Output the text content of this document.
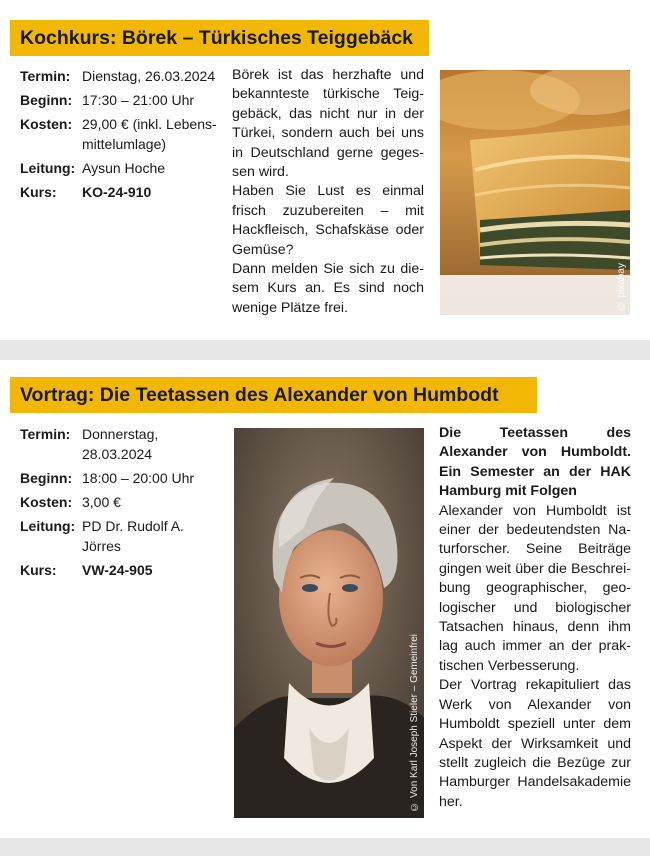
Kochkurs: Börek – Türkisches Teiggebäck
Termin: Dienstag, 26.03.2024
Beginn: 17:30 – 21:00 Uhr
Kosten: 29,00 € (inkl. Lebensmittelumlage)
Leitung: Aysun Hoche
Kurs:	KO-24-910

Börek ist das herzhafte und bekannteste türkische Teiggebäck, das nicht nur in der Türkei, sondern auch bei uns in Deutschland gerne gegessen wird.

Haben Sie Lust es einmal frisch zuzubereiten – mit Hackfleisch, Schafskäse oder Gemüse?

Dann melden Sie sich zu diesem Kurs an. Es sind noch wenige Plätze frei.	© pixabay
Vortrag: Die Teetassen des Alexander von Humbodt
Termin: Donnerstag, 28.03.2024
Beginn: 18:00 – 20:00 Uhr
Kosten: 3,00 €
Leitung: PD Dr. Rudolf A. Jörres
Kurs:	VW-24-905
© Von Karl Joseph Stieler – Gemeinfrei

Die Teetassen des Alexander von Humboldt. Ein Semester an der HAK Hamburg mit Folgen

Alexander von Humboldt ist einer der bedeutendsten Naturforscher. Seine Beiträge gingen weit über die Beschreibung geographischer, geologischer und biologischer Tatsachen hinaus, denn ihm lag auch immer an der praktischen Verbesserung.

Der Vortrag rekapituliert das Werk von Alexander von Humboldt speziell unter dem Aspekt der Wirksamkeit und stellt zugleich die Bezüge zur Hamburger Handelsakademie her.
